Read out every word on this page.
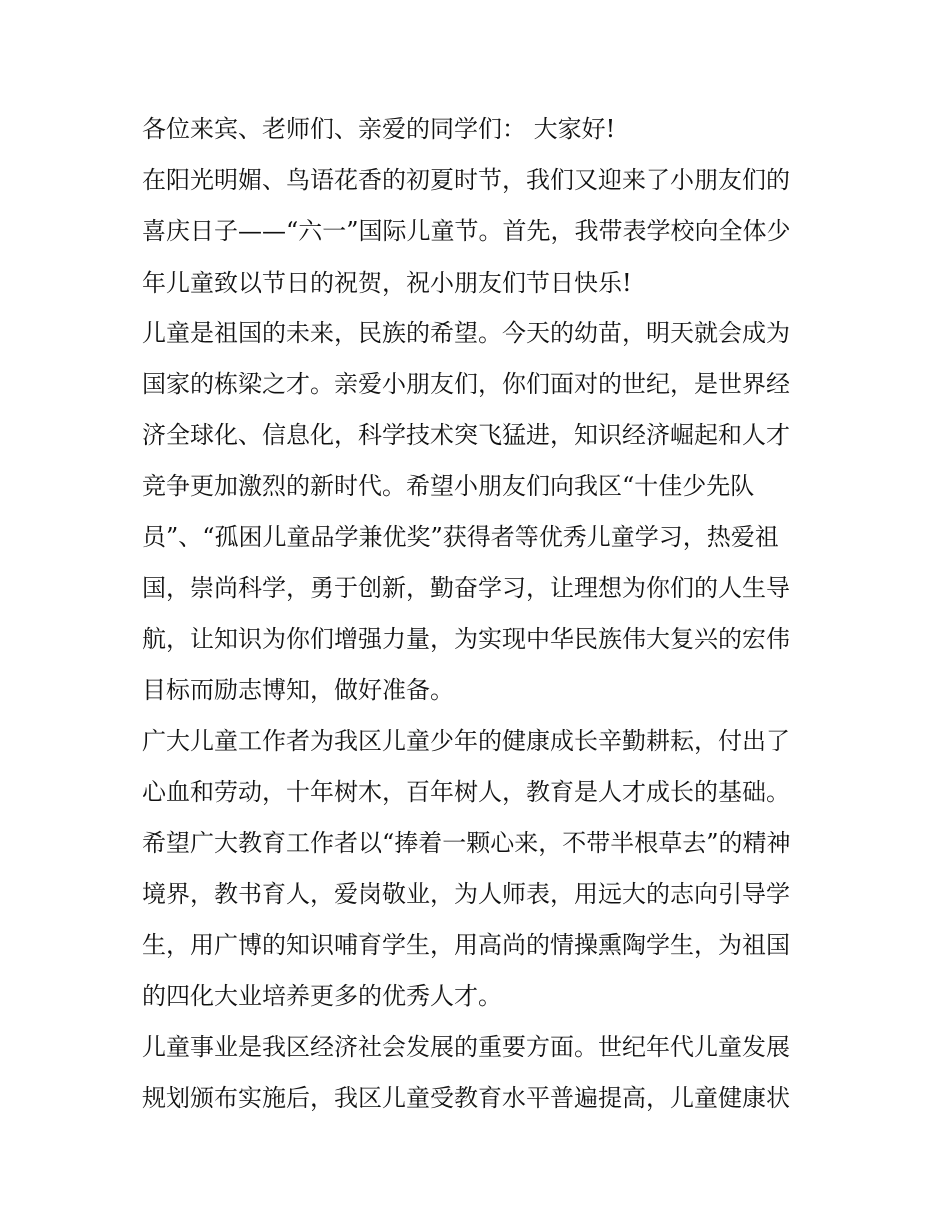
各位来宾、老师们、亲爱的同学们： 大家好!

在阳光明媚、鸟语花香的初夏时节，我们又迎来了小朋友们的

喜庆日子——“六一”国际儿童节。首先，我带表学校向全体少

年儿童致以节日的祝贺，祝小朋友们节日快乐!

儿童是祖国的未来，民族的希望。今天的幼苗，明天就会成为

国家的栋梁之才。亲爱小朋友们，你们面对的世纪，是世界经

济全球化、信息化，科学技术突飞猛进，知识经济崛起和人才

竞争更加激烈的新时代。希望小朋友们向我区“十佳少先队

员”、“孤困儿童品学兼优奖”获得者等优秀儿童学习，热爱祖

国，崇尚科学，勇于创新，勤奋学习，让理想为你们的人生导

航，让知识为你们增强力量，为实现中华民族伟大复兴的宏伟

目标而励志博知，做好准备。

广大儿童工作者为我区儿童少年的健康成长辛勤耕耘，付出了

心血和劳动，十年树木，百年树人，教育是人才成长的基础。

希望广大教育工作者以“捧着一颗心来，不带半根草去”的精神

境界，教书育人，爱岗敬业，为人师表，用远大的志向引导学

生，用广博的知识哺育学生，用高尚的情操熏陶学生，为祖国

的四化大业培养更多的优秀人才。

儿童事业是我区经济社会发展的重要方面。世纪年代儿童发展

规划颁布实施后，我区儿童受教育水平普遍提高，儿童健康状
